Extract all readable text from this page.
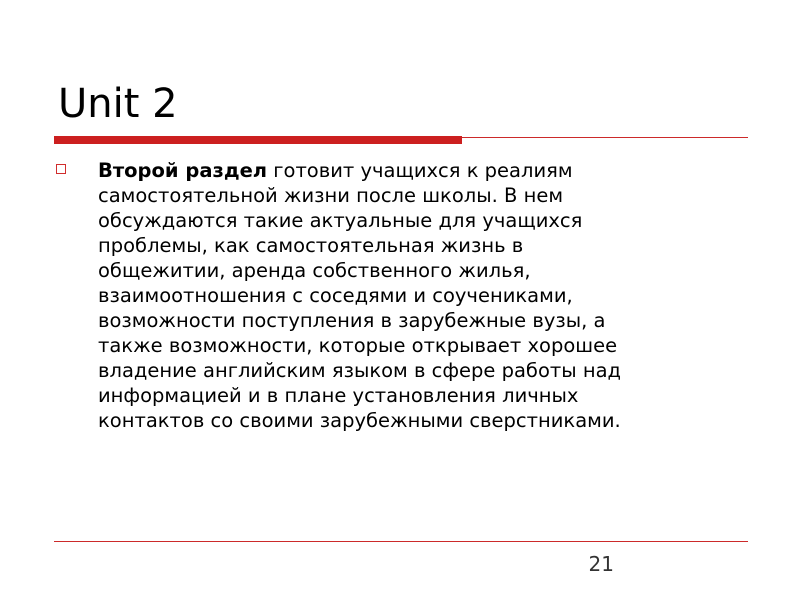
Unit 2

Второй раздел готовит учащихся к реалиям
самостоятельной жизни после школы. В нем
обсуждаются такие актуальные для учащихся
проблемы, как самостоятельная жизнь в
общежитии, аренда собственного жилья,
взаимоотношения с соседями и соучениками,
возможности поступления в зарубежные вузы, а
также возможности, которые открывает хорошее
владение английским языком в сфере работы над
информацией и в плане установления личных
контактов со своими зарубежными сверстниками.

21
